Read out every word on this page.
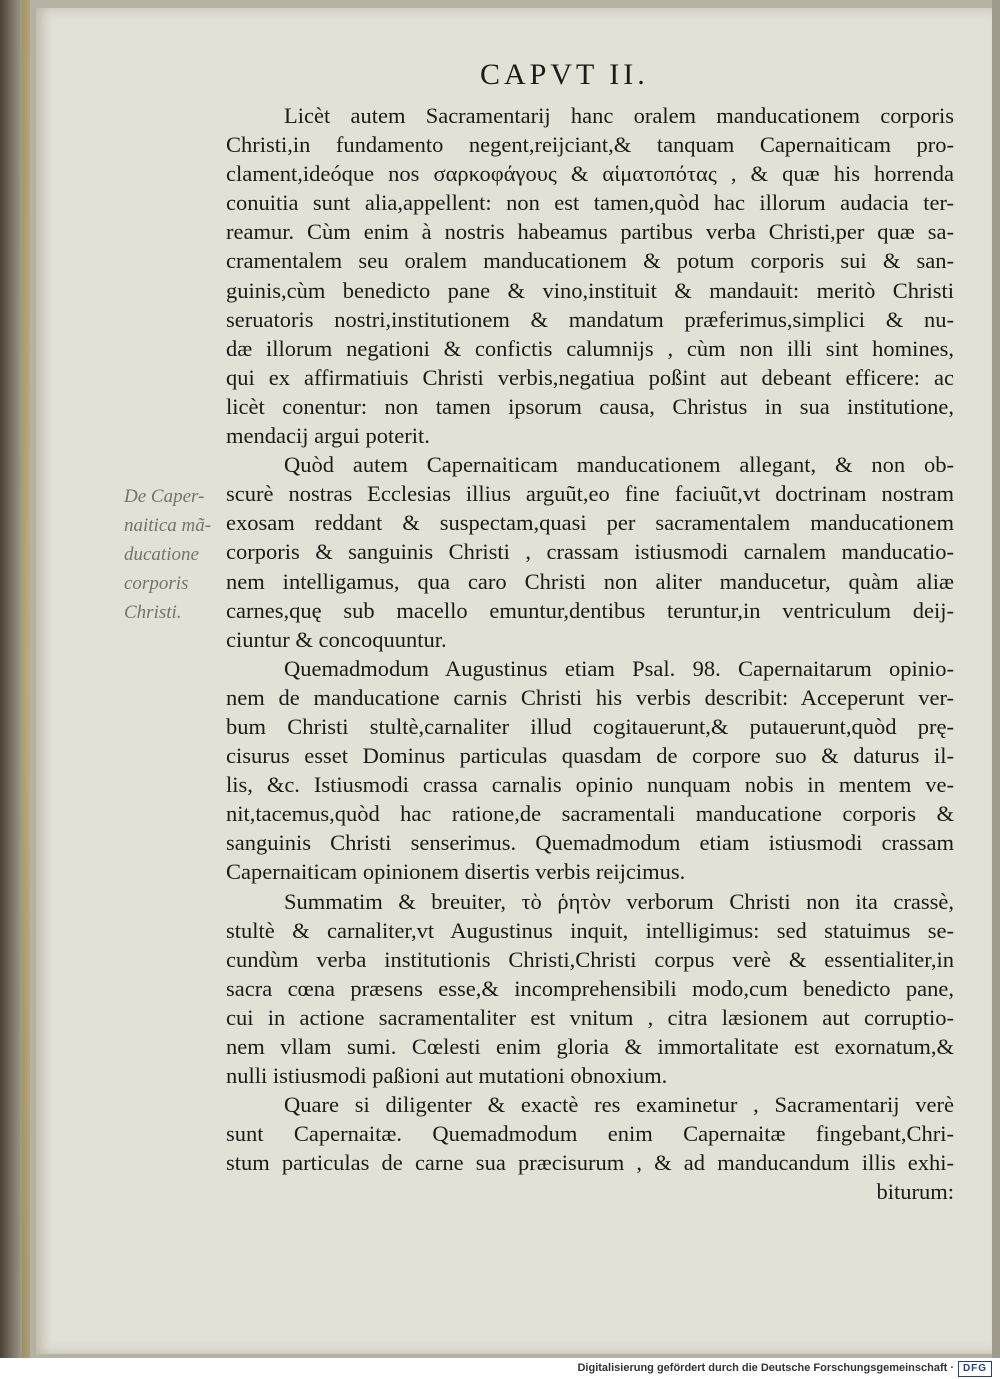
CAPVT II.
Licèt autem Sacramentarij hanc oralem manducationem corporis
Christi,in fundamento negent,reijciant,& tanquam Capernaiticam pro-
clament,ideóque nos σαρκοφάγους & αἱματοπότας , & quæ his horrenda
conuitia sunt alia,appellent: non est tamen,quòd hac illorum audacia ter-
reamur. Cùm enim à nostris habeamus partibus verba Christi,per quæ sa-
cramentalem seu oralem manducationem & potum corporis sui & san-
guinis,cùm benedicto pane & vino,instituit & mandauit: meritò Christi
seruatoris nostri,institutionem & mandatum præferimus,simplici & nu-
dæ illorum negationi & confictis calumnijs , cùm non illi sint homines,
qui ex affirmatiuis Christi verbis,negatiua poßint aut debeant efficere: ac
licèt conentur: non tamen ipsorum causa, Christus in sua institutione,
mendacij argui poterit.
Quòd autem Capernaiticam manducationem allegant, & non ob-
scurè nostras Ecclesias illius arguũt,eo fine faciuũt,vt doctrinam nostram
exosam reddant & suspectam,quasi per sacramentalem manducationem
corporis & sanguinis Christi , crassam istiusmodi carnalem manducatio-
nem intelligamus, qua caro Christi non aliter manducetur, quàm aliæ
carnes,quę sub macello emuntur,dentibus teruntur,in ventriculum deij-
ciuntur & concoquuntur.
Quemadmodum Augustinus etiam Psal. 98. Capernaitarum opinio-
nem de manducatione carnis Christi his verbis describit: Acceperunt ver-
bum Christi stultè,carnaliter illud cogitauerunt,& putauerunt,quòd prę-
cisurus esset Dominus particulas quasdam de corpore suo & daturus il-
lis, &c. Istiusmodi crassa carnalis opinio nunquam nobis in mentem ve-
nit,tacemus,quòd hac ratione,de sacramentali manducatione corporis &
sanguinis Christi senserimus. Quemadmodum etiam istiusmodi crassam
Capernaiticam opinionem disertis verbis reijcimus.
Summatim & breuiter, τὸ ῥητὸν verborum Christi non ita crassè,
stultè & carnaliter,vt Augustinus inquit, intelligimus: sed statuimus se-
cundùm verba institutionis Christi,Christi corpus verè & essentialiter,in
sacra cœna præsens esse,& incomprehensibili modo,cum benedicto pane,
cui in actione sacramentaliter est vnitum , citra læsionem aut corruptio-
nem vllam sumi. Cœlesti enim gloria & immortalitate est exornatum,&
nulli istiusmodi paßioni aut mutationi obnoxium.
Quare si diligenter & exactè res examinetur , Sacramentarij verè
sunt Capernaitæ. Quemadmodum enim Capernaitæ fingebant,Chri-
stum particulas de carne sua præcisurum , & ad manducandum illis exhi-
biturum:
De Caper-
naitica mã-
ducatione
corporis
Christi.
Digitalisierung gefördert durch die Deutsche Forschungsgemeinschaft · DFG
